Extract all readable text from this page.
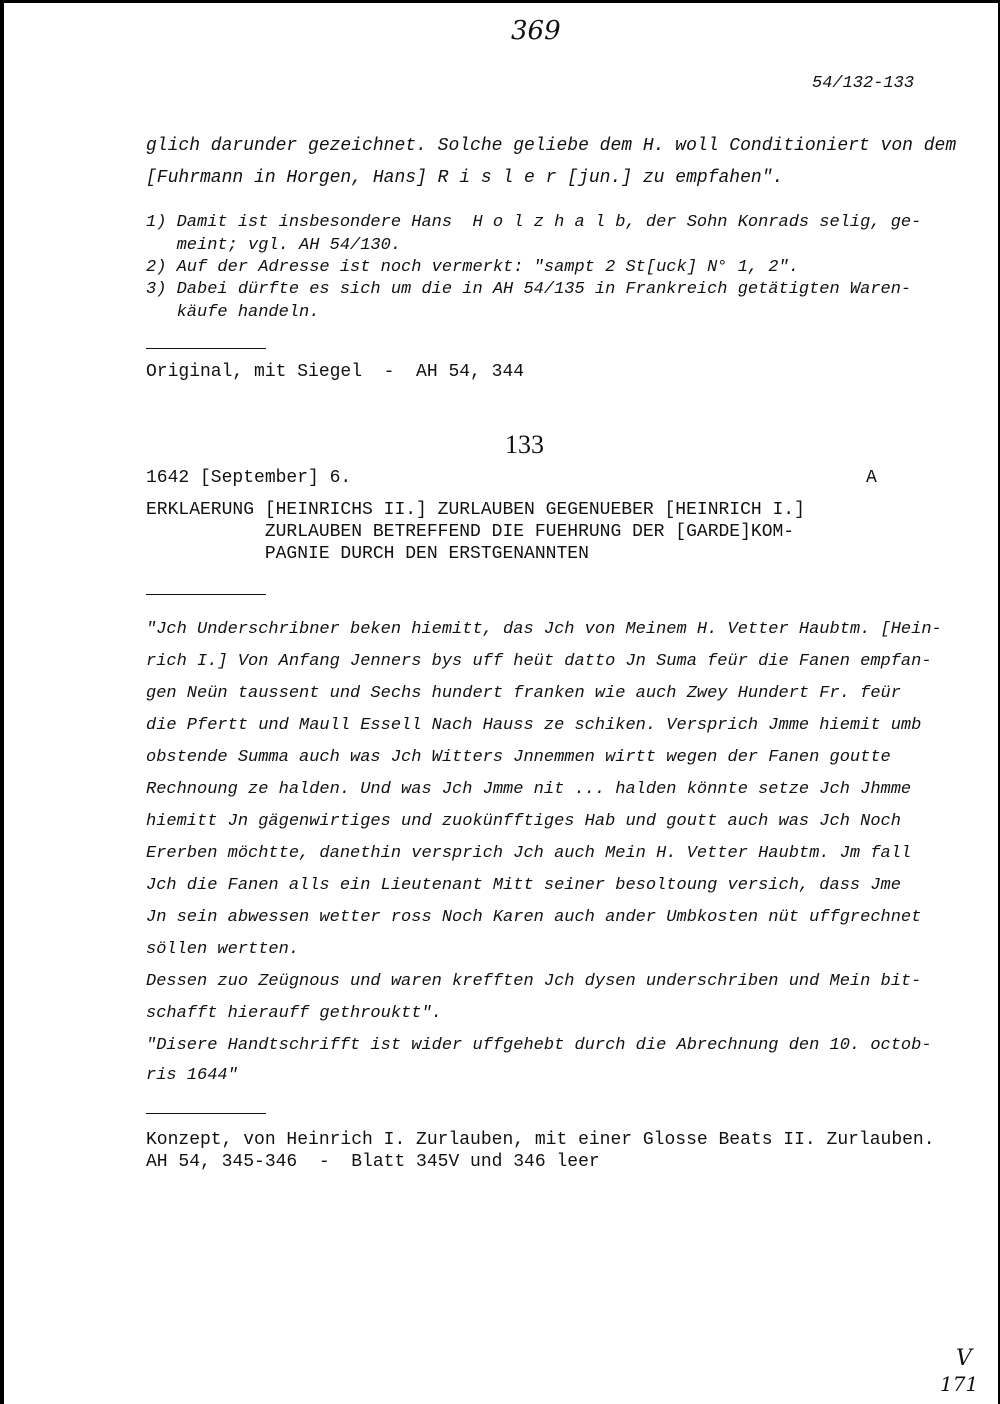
369
54/132-133
glich darunder gezeichnet. Solche geliebe dem H. woll Conditioniert von dem
[Fuhrmann in Horgen, Hans] R i s l e r [jun.] zu empfahen".
1) Damit ist insbesondere Hans  H o l z h a l b, der Sohn Konrads selig, ge-
meint; vgl. AH 54/130.
2) Auf der Adresse ist noch vermerkt: "sampt 2 St[uck] N° 1, 2".
3) Dabei dürfte es sich um die in AH 54/135 in Frankreich getätigten Waren-
käufe handeln.
Original, mit Siegel  -  AH 54, 344
133
1642 [September] 6.	A
ERKLAERUNG [HEINRICHS II.] ZURLAUBEN GEGENUEBER [HEINRICH I.]
ZURLAUBEN BETREFFEND DIE FUEHRUNG DER [GARDE]KOM-
PAGNIE DURCH DEN ERSTGENANNTEN
"Jch Underschribner beken hiemitt, das Jch von Meinem H. Vetter Haubtm. [Hein-
rich I.] Von Anfang Jenners bys uff heüt datto Jn Suma feür die Fanen empfan-
gen Neün taussent und Sechs hundert franken wie auch Zwey Hundert Fr. feür
die Pfertt und Maull Essell Nach Hauss ze schiken. Versprich Jmme hiemit umb
obstende Summa auch was Jch Witters Jnnemmen wirtt wegen der Fanen goutte
Rechnoung ze halden. Und was Jch Jmme nit ... halden könnte setze Jch Jhmme
hiemitt Jn gägenwirtiges und zuokünfftiges Hab und goutt auch was Jch Noch
Ererben möchtte, danethin versprich Jch auch Mein H. Vetter Haubtm. Jm fall
Jch die Fanen alls ein Lieutenant Mitt seiner besoltoung versich, dass Jme
Jn sein abwessen wetter ross Noch Karen auch ander Umbkosten nüt uffgrechnet
söllen wertten.
Dessen zuo Zeügnous und waren krefften Jch dysen underschriben und Mein bit-
schafft hierauff gethrouktt".
"Disere Handtschrifft ist wider uffgehebt durch die Abrechnung den 10. octob-
ris 1644"
Konzept, von Heinrich I. Zurlauben, mit einer Glosse Beats II. Zurlauben.
AH 54, 345-346  -  Blatt 345V und 346 leer
V
171
